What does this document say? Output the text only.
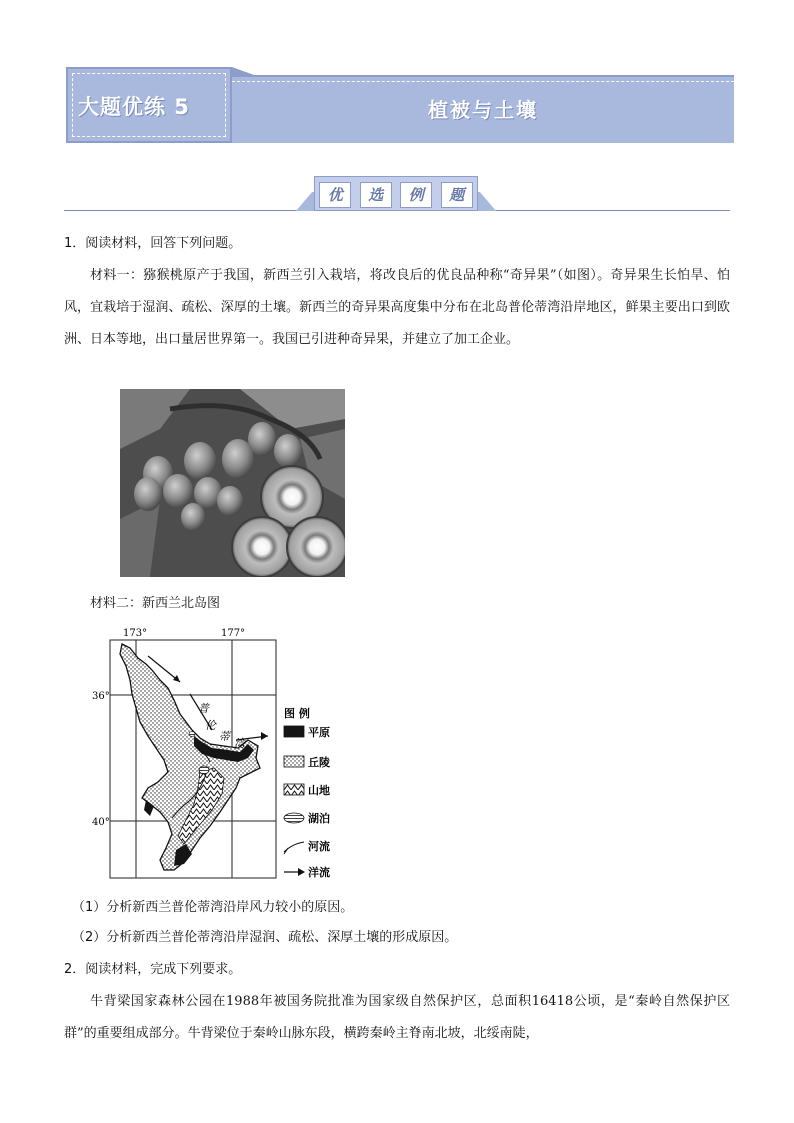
大题优练 5	植被与土壤
优	选	例	题
1．阅读材料，回答下列问题。
材料一：猕猴桃原产于我国，新西兰引入栽培，将改良后的优良品种称“奇异果”（如图）。奇异果生长怕旱、怕风，宜栽培于湿润、疏松、深厚的土壤。新西兰的奇异果高度集中分布在北岛普伦蒂湾沿岸地区，鲜果主要出口到欧洲、日本等地，出口量居世界第一。我国已引进种奇异果，并建立了加工企业。
材料二：新西兰北岛图
173°	177°
36°
40°
普
伦
蒂
湾
图 例
平原
丘陵
山地
湖泊
河流
洋流
（1）分析新西兰普伦蒂湾沿岸风力较小的原因。
（2）分析新西兰普伦蒂湾沿岸湿润、疏松、深厚土壤的形成原因。
2．阅读材料，完成下列要求。
牛背梁国家森林公园在1988年被国务院批准为国家级自然保护区，总面积16418公顷，是“秦岭自然保护区群”的重要组成部分。牛背梁位于秦岭山脉东段，横跨秦岭主脊南北坡，北绥南陡，
